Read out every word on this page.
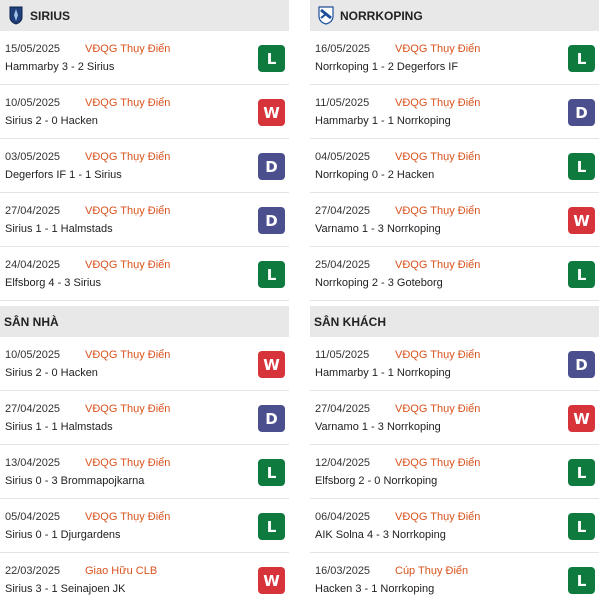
SIRIUS
15/05/2025 VĐQG Thụy Điển
Hammarby 3 - 2 Sirius	L
10/05/2025 VĐQG Thụy Điển
Sirius 2 - 0 Hacken	W
03/05/2025 VĐQG Thụy Điển
Degerfors IF 1 - 1 Sirius	D
27/04/2025 VĐQG Thụy Điển
Sirius 1 - 1 Halmstads	D
24/04/2025 VĐQG Thụy Điển
Elfsborg 4 - 3 Sirius	L
SÂN NHÀ
10/05/2025 VĐQG Thụy Điển
Sirius 2 - 0 Hacken	W
27/04/2025 VĐQG Thụy Điển
Sirius 1 - 1 Halmstads	D
13/04/2025 VĐQG Thụy Điển
Sirius 0 - 3 Brommapojkarna	L
05/04/2025 VĐQG Thụy Điển
Sirius 0 - 1 Djurgardens	L
22/03/2025 Giao Hữu CLB
Sirius 3 - 1 Seinajoen JK	W
NORRKOPING
16/05/2025 VĐQG Thụy Điển
Norrkoping 1 - 2 Degerfors IF	L
11/05/2025 VĐQG Thụy Điển
Hammarby 1 - 1 Norrkoping	D
04/05/2025 VĐQG Thụy Điển
Norrkoping 0 - 2 Hacken	L
27/04/2025 VĐQG Thụy Điển
Varnamo 1 - 3 Norrkoping	W
25/04/2025 VĐQG Thụy Điển
Norrkoping 2 - 3 Goteborg	L
SÂN KHÁCH
11/05/2025 VĐQG Thụy Điển
Hammarby 1 - 1 Norrkoping	D
27/04/2025 VĐQG Thụy Điển
Varnamo 1 - 3 Norrkoping	W
12/04/2025 VĐQG Thụy Điển
Elfsborg 2 - 0 Norrkoping	L
06/04/2025 VĐQG Thụy Điển
AIK Solna 4 - 3 Norrkoping	L
16/03/2025 Cúp Thụy Điển
Hacken 3 - 1 Norrkoping	L
